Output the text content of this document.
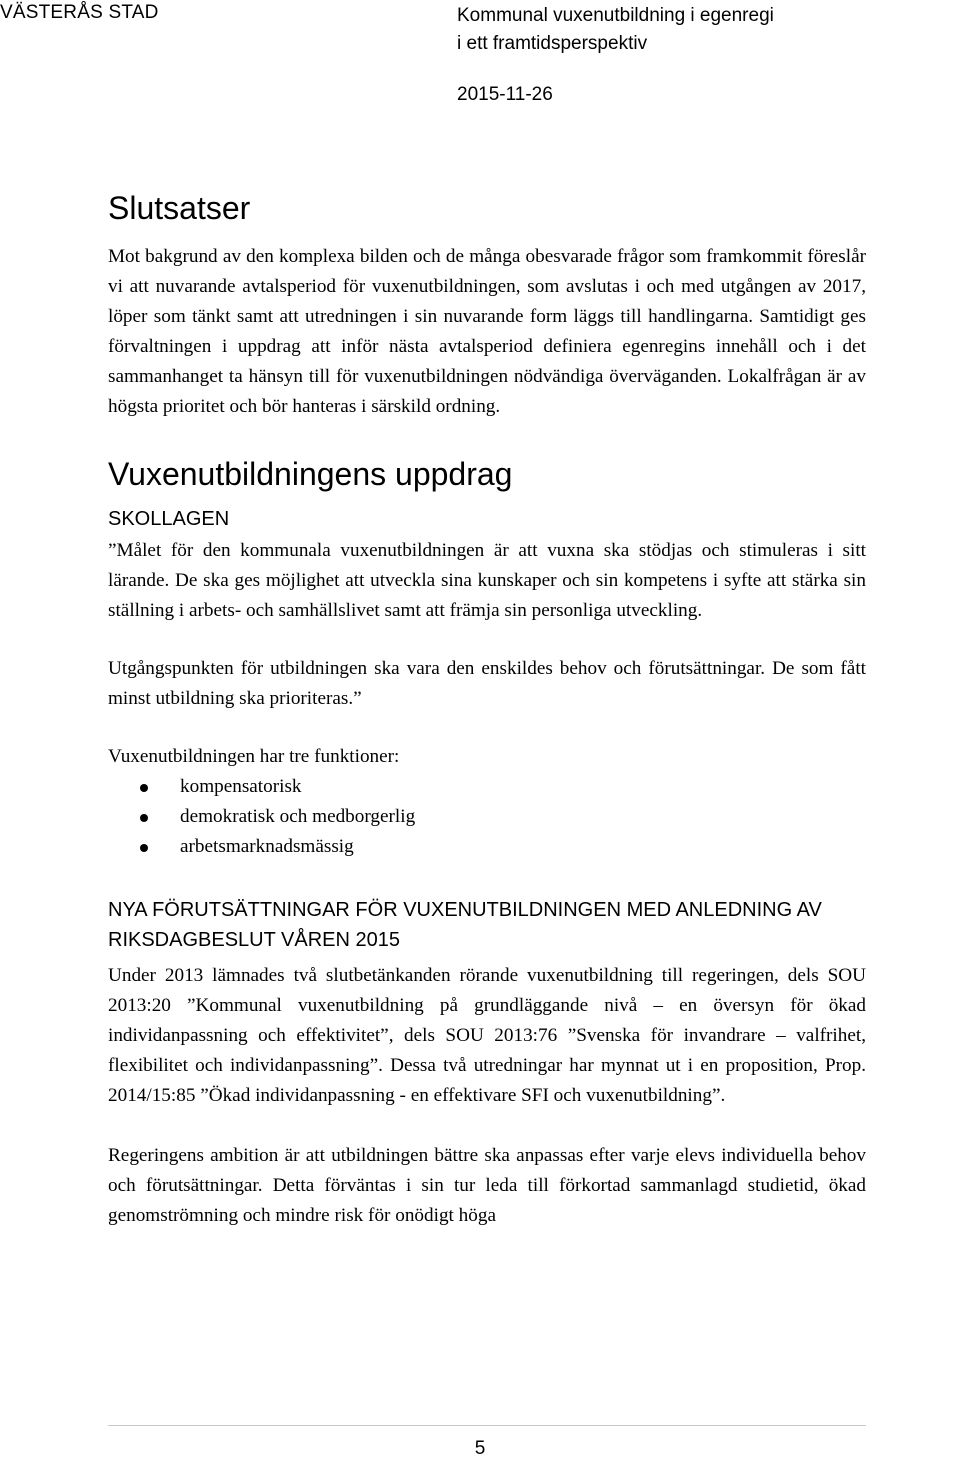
VÄSTERÅS STAD	Kommunal vuxenutbildning i egenregi
i ett framtidsperspektiv
2015-11-26
Slutsatser

Mot bakgrund av den komplexa bilden och de många obesvarade frågor som framkommit föreslår vi att nuvarande avtalsperiod för vuxenutbildningen, som avslutas i och med utgången av 2017, löper som tänkt samt att utredningen i sin nuvarande form läggs till handlingarna. Samtidigt ges förvaltningen i uppdrag att inför nästa avtalsperiod definiera egenregins innehåll och i det sammanhanget ta hänsyn till för vuxenutbildningen nödvändiga överväganden. Lokalfrågan är av högsta prioritet och bör hanteras i särskild ordning.

Vuxenutbildningens uppdrag
SKOLLAGEN

”Målet för den kommunala vuxenutbildningen är att vuxna ska stödjas och stimuleras i sitt lärande. De ska ges möjlighet att utveckla sina kunskaper och sin kompetens i syfte att stärka sin ställning i arbets- och samhällslivet samt att främja sin personliga utveckling.

Utgångspunkten för utbildningen ska vara den enskildes behov och förutsättningar. De som fått minst utbildning ska prioriteras.”

Vuxenutbildningen har tre funktioner:

kompensatorisk
demokratisk och medborgerlig
arbetsmarknadsmässig
NYA FÖRUTSÄTTNINGAR FÖR VUXENUTBILDNINGEN MED ANLEDNING AV RIKSDAGBESLUT VÅREN 2015

Under 2013 lämnades två slutbetänkanden rörande vuxenutbildning till regeringen, dels SOU 2013:20 ”Kommunal vuxenutbildning på grundläggande nivå – en översyn för ökad individanpassning och effektivitet”, dels SOU 2013:76 ”Svenska för invandrare – valfrihet, flexibilitet och individanpassning”. Dessa två utredningar har mynnat ut i en proposition, Prop. 2014/15:85 ”Ökad individanpassning - en effektivare SFI och vuxenutbildning”.

Regeringens ambition är att utbildningen bättre ska anpassas efter varje elevs individuella behov och förutsättningar. Detta förväntas i sin tur leda till förkortad sammanlagd studietid, ökad genomströmning och mindre risk för onödigt höga

5
